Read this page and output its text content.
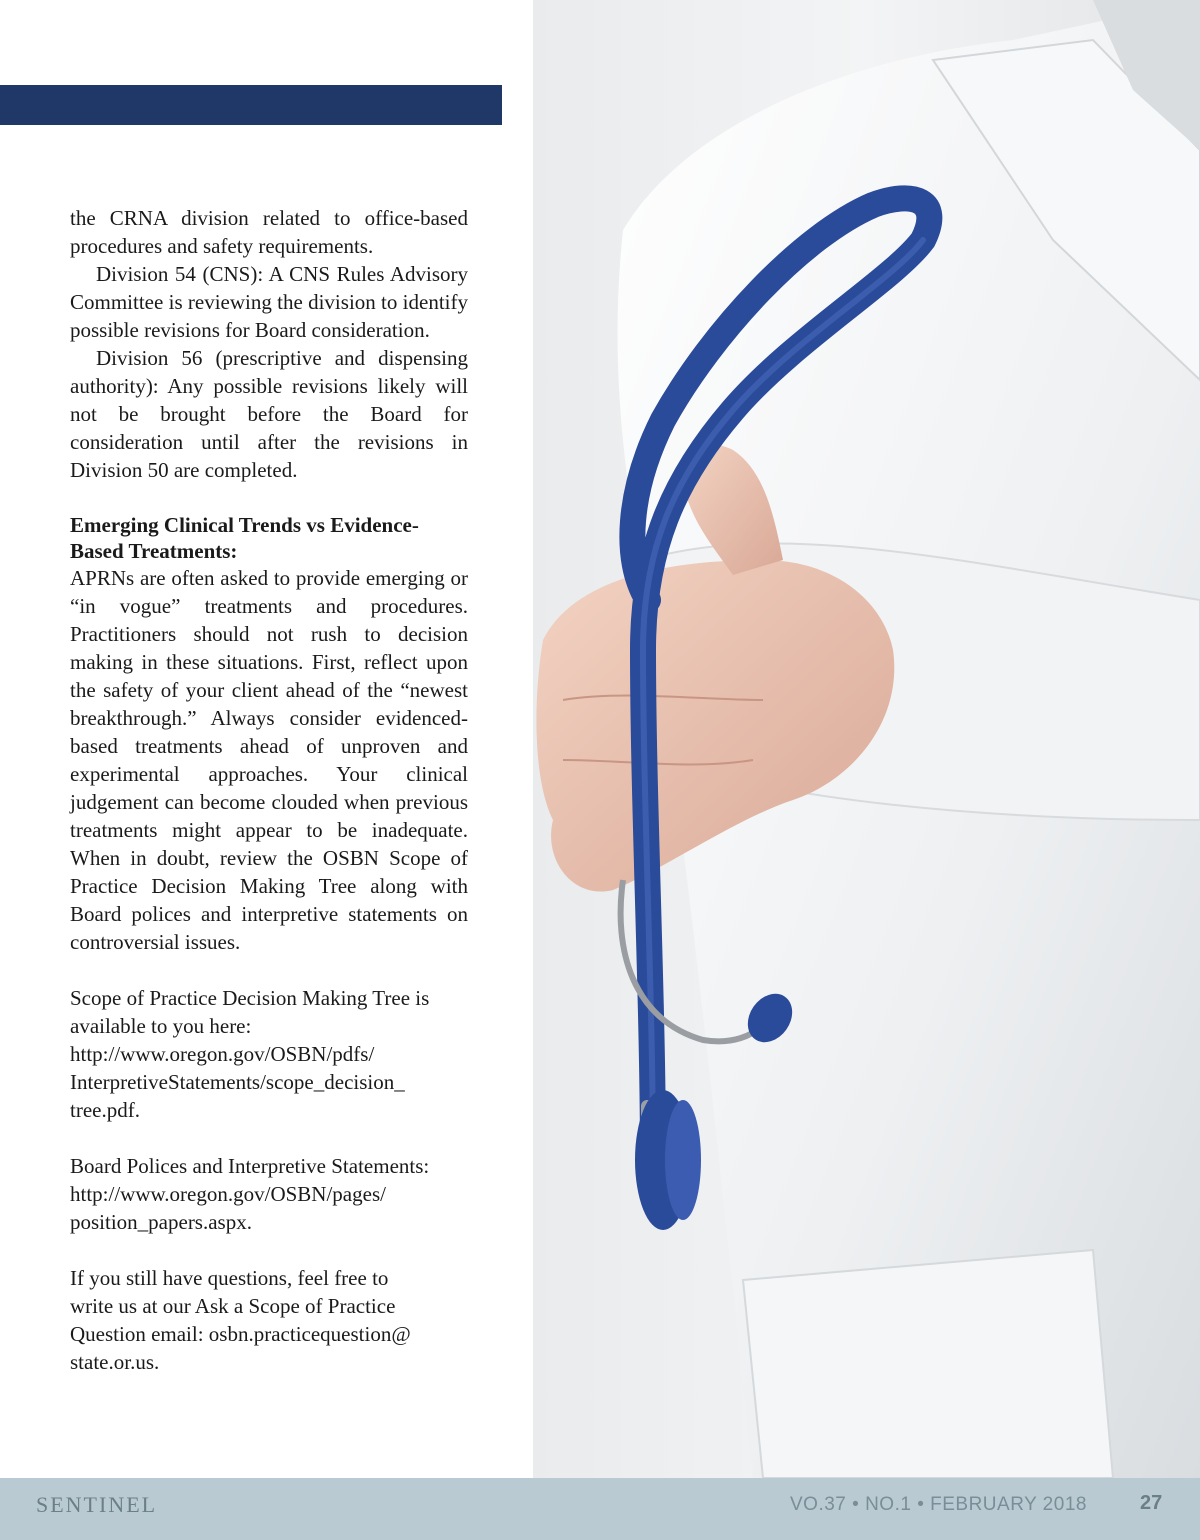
the CRNA division related to office-based procedures and safety requirements.

Division 54 (CNS): A CNS Rules Advisory Committee is reviewing the division to identify possible revisions for Board consideration.

Division 56 (prescriptive and dispensing authority): Any possible revisions likely will not be brought before the Board for consideration until after the revisions in Division 50 are completed.

Emerging Clinical Trends vs Evidence-Based Treatments:

APRNs are often asked to provide emerging or “in vogue” treatments and procedures. Practitioners should not rush to decision making in these situations. First, reflect upon the safety of your client ahead of the “newest breakthrough.” Always consider evidenced-based treatments ahead of unproven and experimental approaches. Your clinical judgement can become clouded when previous treatments might appear to be inadequate. When in doubt, review the OSBN Scope of Practice Decision Making Tree along with Board polices and interpretive statements on controversial issues.

Scope of Practice Decision Making Tree is available to you here:
http://www.oregon.gov/OSBN/pdfs/
InterpretiveStatements/scope_decision_
tree.pdf.

Board Polices and Interpretive Statements:
http://www.oregon.gov/OSBN/pages/
position_papers.aspx.

If you still have questions, feel free to
write us at our Ask a Scope of Practice
Question email: osbn.practicequestion@
state.or.us.

SENTINEL	VO.37 • NO.1 • FEBRUARY 2018	27
